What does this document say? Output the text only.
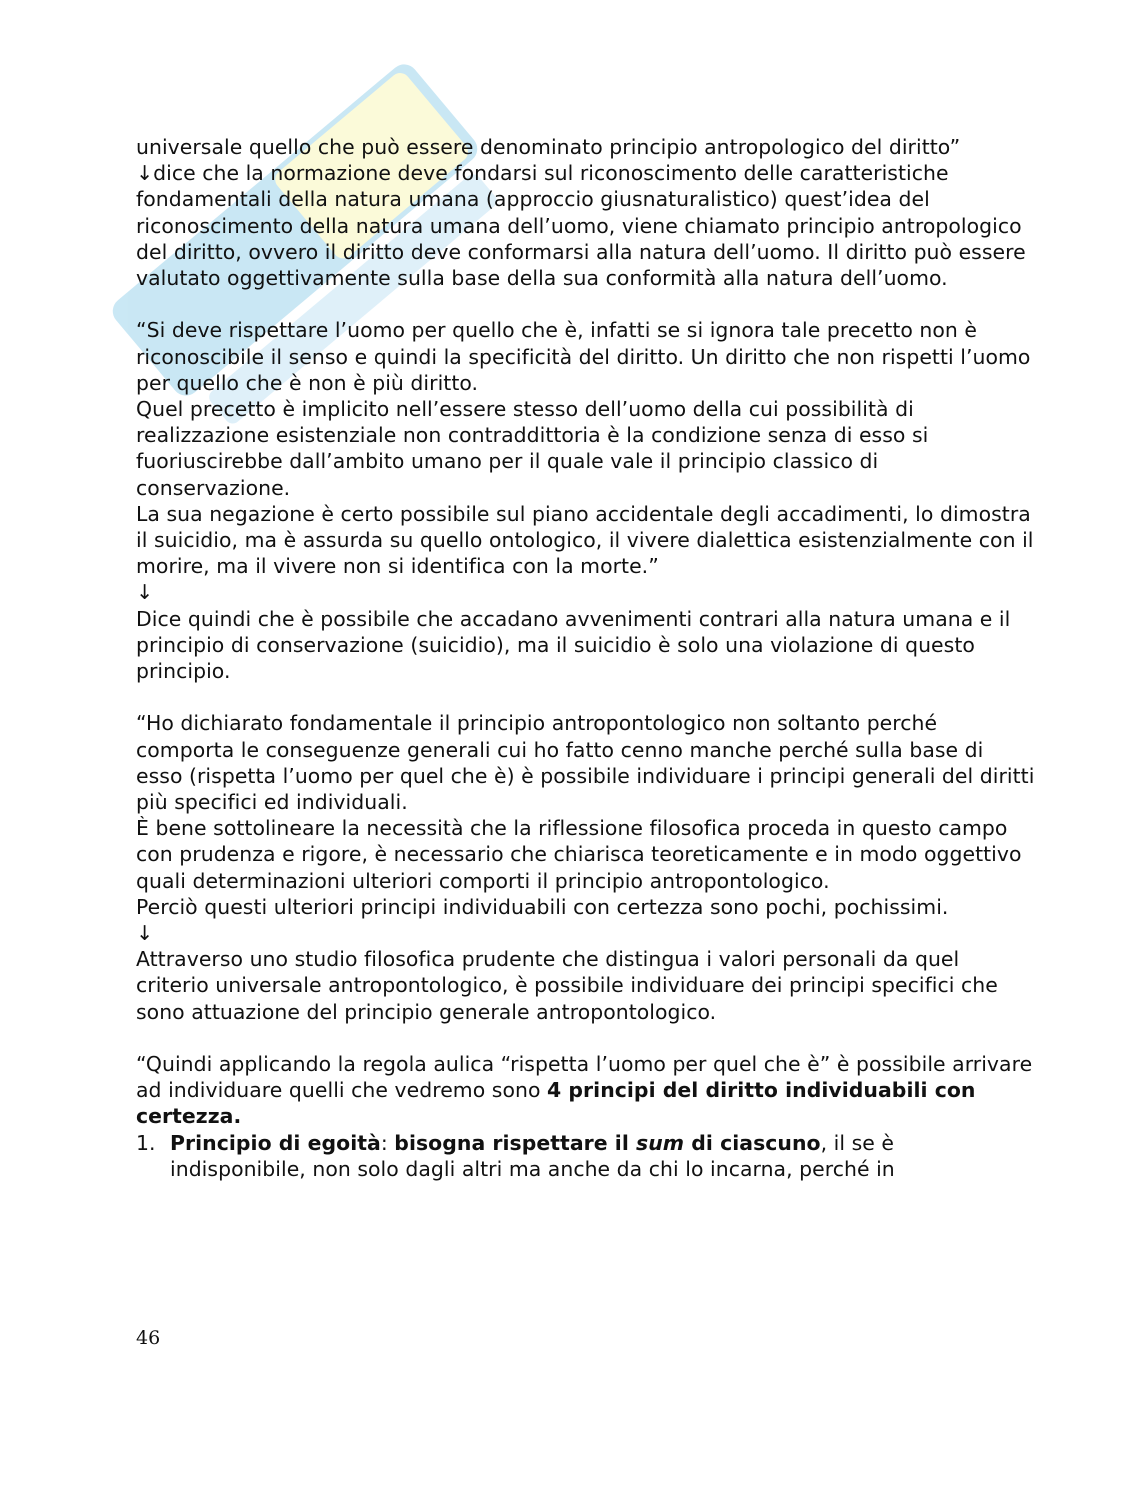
universale quello che può essere denominato principio antropologico del diritto”

↓dice che la normazione deve fondarsi sul riconoscimento delle caratteristiche fondamentali della natura umana (approccio giusnaturalistico) quest’idea del riconoscimento della natura umana dell’uomo, viene chiamato principio antropologico del diritto, ovvero il diritto deve conformarsi alla natura dell’uomo. Il diritto può essere valutato oggettivamente sulla base della sua conformità alla natura dell’uomo.

“Si deve rispettare l’uomo per quello che è, infatti se si ignora tale precetto non è riconoscibile il senso e quindi la specificità del diritto. Un diritto che non rispetti l’uomo per quello che è non è più diritto.

Quel precetto è implicito nell’essere stesso dell’uomo della cui possibilità di realizzazione esistenziale non contraddittoria è la condizione senza di esso si fuoriuscirebbe dall’ambito umano per il quale vale il principio classico di conservazione.

La sua negazione è certo possibile sul piano accidentale degli accadimenti, lo dimostra il suicidio, ma è assurda su quello ontologico, il vivere dialettica esistenzialmente con il morire, ma il vivere non si identifica con la morte.”

↓

Dice quindi che è possibile che accadano avvenimenti contrari alla natura umana e il principio di conservazione (suicidio), ma il suicidio è solo una violazione di questo principio.

“Ho dichiarato fondamentale il principio antropontologico non soltanto perché comporta le conseguenze generali cui ho fatto cenno manche perché sulla base di esso (rispetta l’uomo per quel che è) è possibile individuare i principi generali del diritti più specifici ed individuali.

È bene sottolineare la necessità che la riflessione filosofica proceda in questo campo con prudenza e rigore, è necessario che chiarisca teoreticamente e in modo oggettivo quali determinazioni ulteriori comporti il principio antropontologico.

Perciò questi ulteriori principi individuabili con certezza sono pochi, pochissimi.

↓

Attraverso uno studio filosofica prudente che distingua i valori personali da quel criterio universale antropontologico, è possibile individuare dei principi specifici che sono attuazione del principio generale antropontologico.

“Quindi applicando la regola aulica “rispetta l’uomo per quel che è” è possibile arrivare ad individuare quelli che vedremo sono 4 principi del diritto individuabili con certezza.

1. Principio di egoità: bisogna rispettare il sum di ciascuno, il se è indisponibile, non solo dagli altri ma anche da chi lo incarna, perché in

46
